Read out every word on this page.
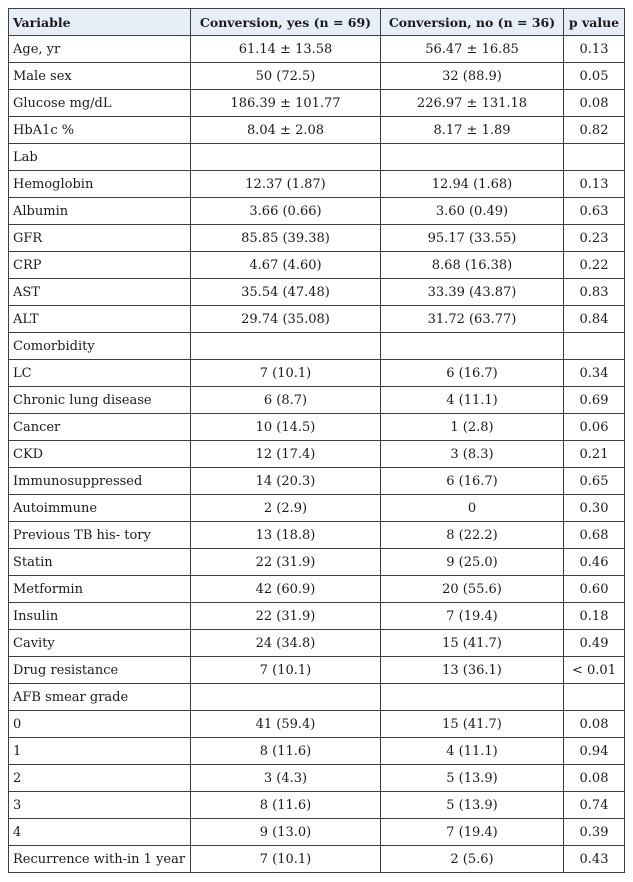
Variable	Conversion, yes (n = 69)	Conversion, no (n = 36)	p value
Age, yr	61.14 ± 13.58	56.47 ± 16.85	0.13
Male sex	50 (72.5)	32 (88.9)	0.05
Glucose mg/dL	186.39 ± 101.77	226.97 ± 131.18	0.08
HbA1c %	8.04 ± 2.08	8.17 ± 1.89	0.82
Lab			
Hemoglobin	12.37 (1.87)	12.94 (1.68)	0.13
Albumin	3.66 (0.66)	3.60 (0.49)	0.63
GFR	85.85 (39.38)	95.17 (33.55)	0.23
CRP	4.67 (4.60)	8.68 (16.38)	0.22
AST	35.54 (47.48)	33.39 (43.87)	0.83
ALT	29.74 (35.08)	31.72 (63.77)	0.84
Comorbidity			
LC	7 (10.1)	6 (16.7)	0.34
Chronic lung disease	6 (8.7)	4 (11.1)	0.69
Cancer	10 (14.5)	1 (2.8)	0.06
CKD	12 (17.4)	3 (8.3)	0.21
Immunosuppressed	14 (20.3)	6 (16.7)	0.65
Autoimmune	2 (2.9)	0	0.30
Previous TB his- tory	13 (18.8)	8 (22.2)	0.68
Statin	22 (31.9)	9 (25.0)	0.46
Metformin	42 (60.9)	20 (55.6)	0.60
Insulin	22 (31.9)	7 (19.4)	0.18
Cavity	24 (34.8)	15 (41.7)	0.49
Drug resistance	7 (10.1)	13 (36.1)	< 0.01
AFB smear grade			
0	41 (59.4)	15 (41.7)	0.08
1	8 (11.6)	4 (11.1)	0.94
2	3 (4.3)	5 (13.9)	0.08
3	8 (11.6)	5 (13.9)	0.74
4	9 (13.0)	7 (19.4)	0.39
Recurrence with-in 1 year	7 (10.1)	2 (5.6)	0.43
